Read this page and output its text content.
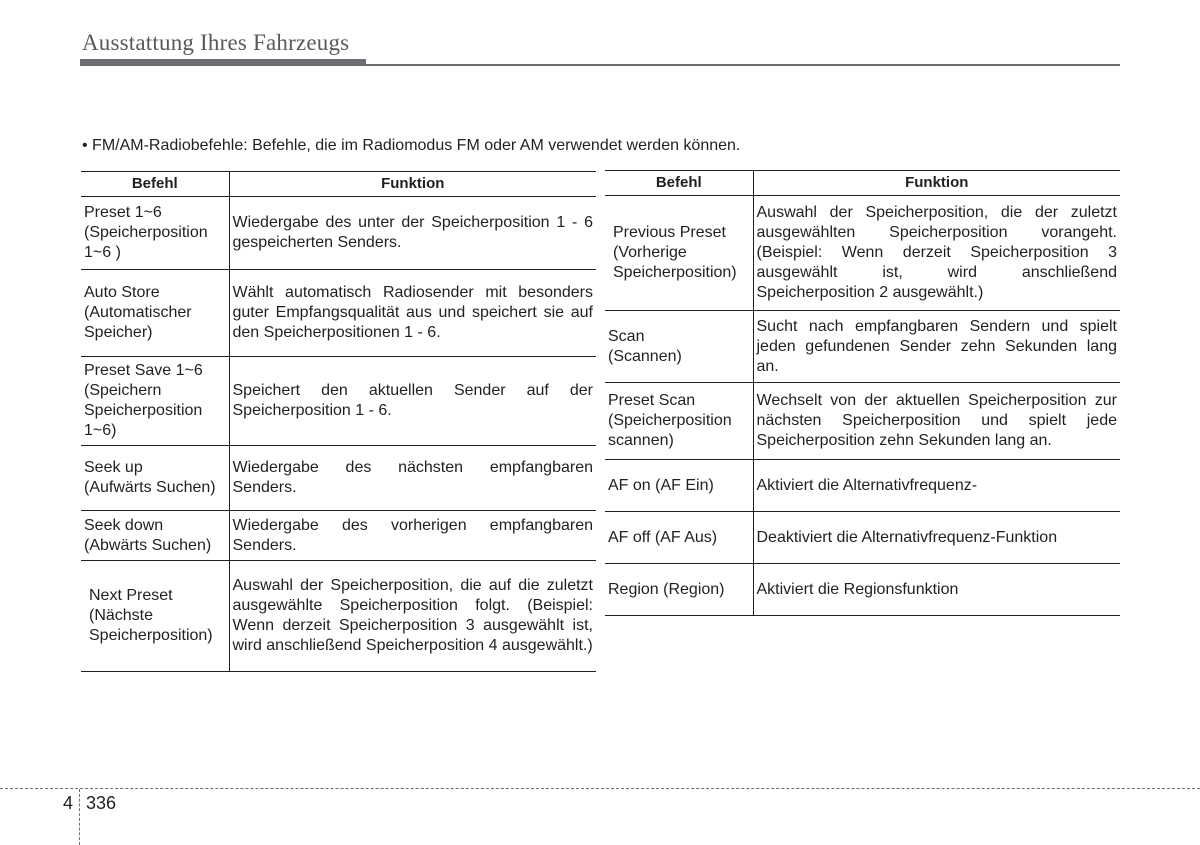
Ausstattung Ihres Fahrzeugs
• FM/AM-Radiobefehle: Befehle, die im Radiomodus FM oder AM verwendet werden können.
Befehl	Funktion

Preset 1~6
(Speicherposition
1~6 )	Wiedergabe des unter der Speicherposition 1 - 6 gespeicherten Senders.

Auto Store
(Automatischer
Speicher)	Wählt automatisch Radiosender mit besonders guter Empfangsqualität aus und speichert sie auf den Speicherpositionen 1 - 6.

Preset Save 1~6
(Speichern
Speicherposition
1~6)	Speichert den aktuellen Sender auf der Speicherposition 1 - 6.

Seek up
(Aufwärts Suchen)	Wiedergabe des nächsten empfangbaren Senders.

Seek down
(Abwärts Suchen)	Wiedergabe des vorherigen empfangbaren Senders.

Next Preset
(Nächste
Speicherposition)	Auswahl der Speicherposition, die auf die zuletzt ausgewählte Speicherposition folgt. (Beispiel: Wenn derzeit Speicherposition 3 ausgewählt ist, wird anschließend Speicherposition 4 ausgewählt.)
Befehl	Funktion

Previous Preset
(Vorherige
Speicherposition)	Auswahl der Speicherposition, die der zuletzt ausgewählten Speicherposition vorangeht. (Beispiel: Wenn derzeit Speicherposition 3 ausgewählt ist, wird anschließend Speicherposition 2 ausgewählt.)

Scan
(Scannen)	Sucht nach empfangbaren Sendern und spielt jeden gefundenen Sender zehn Sekunden lang an.

Preset Scan
(Speicherposition
scannen)	Wechselt von der aktuellen Speicherposition zur nächsten Speicherposition und spielt jede Speicherposition zehn Sekunden lang an.

AF on (AF Ein)	Aktiviert die Alternativfrequenz-

AF off (AF Aus)	Deaktiviert die Alternativfrequenz-Funktion

Region (Region)	Aktiviert die Regionsfunktion
4 336
